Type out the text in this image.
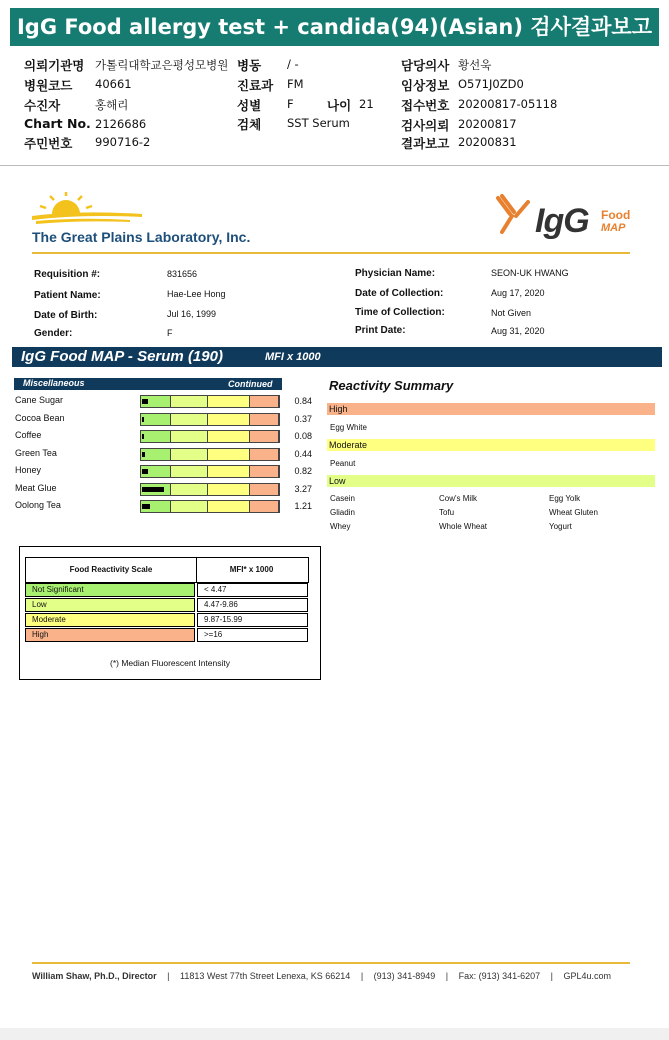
IgG Food allergy test + candida(94)(Asian) 검사결과보고서
의뢰기관명 가톨릭대학교은평성모병원 병동 / -	담당의사 황선욱
병원코드 40661	진료과 FM	임상정보 O571J0ZD0
수진자	홍해리	성별 F	나이 21 접수번호 20200817-05118
Chart No. 2126686	검체 SST Serum	검사의뢰 20200817
주민번호 990716-2	결과보고 20200831
The Great Plains Laboratory, Inc.	IgG Food
MAP
Requisition #:	831656
Patient Name:	Hae-Lee Hong
Date of Birth:	Jul 16, 1999
Gender:	F
Physician Name:	SEON-UK HWANG
Date of Collection:	Aug 17, 2020
Time of Collection:	Not Given
Print Date:	Aug 31, 2020
IgG Food MAP - Serum (190)	MFI x 1000
Miscellaneous	Continued
Cane Sugar	0.84
Cocoa Bean	0.37
Coffee	0.08
Green Tea	0.44
Honey	0.82
Meat Glue	3.27
Oolong Tea	1.21
Reactivity Summary
High
Egg White
Moderate
Peanut
Low
Casein	Cow's Milk	Egg Yolk
Gliadin	Tofu	Wheat Gluten
Whey	Whole Wheat	Yogurt
Food Reactivity Scale	MFI* x 1000
Not Significant	< 4.47
Low	4.47-9.86
Moderate	9.87-15.99
High	>=16
(*) Median Fluorescent Intensity
William Shaw, Ph.D., Director | 11813 West 77th Street Lenexa, KS 66214 | (913) 341-8949 | Fax: (913) 341-6207 | GPL4u.com
